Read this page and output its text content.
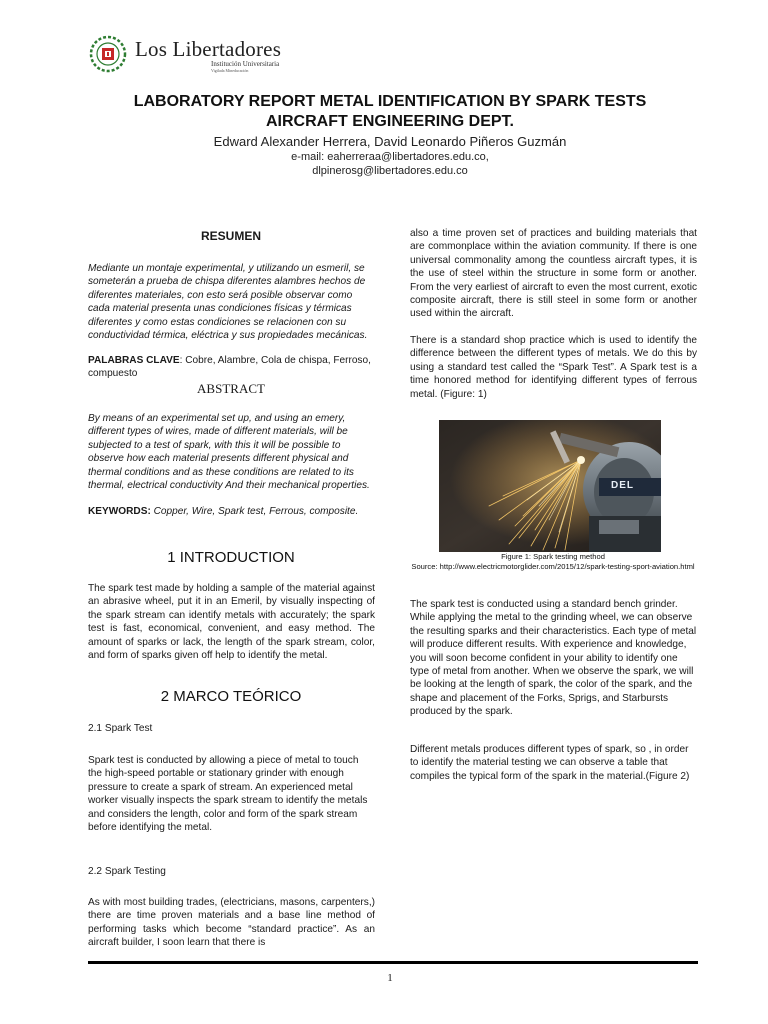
Los Libertadores
Institución Universitaria
Vigilada Mineducación
LABORATORY REPORT METAL IDENTIFICATION BY SPARK TESTS
AIRCRAFT ENGINEERING DEPT.
Edward Alexander Herrera, David Leonardo Piñeros Guzmán
e-mail: eaherreraa@libertadores.edu.co,
dlpinerosg@libertadores.edu.co
RESUMEN
Mediante un montaje experimental, y utilizando un esmeril, se someterán a prueba de chispa diferentes alambres hechos de diferentes materiales, con esto será posible observar como cada material presenta unas condiciones físicas y térmicas diferentes y como estas condiciones se relacionen con su conductividad térmica, eléctrica y sus propiedades mecánicas.
PALABRAS CLAVE: Cobre, Alambre, Cola de chispa, Ferroso, compuesto
ABSTRACT
By means of an experimental set up, and using an emery, different types of wires, made of different materials, will be subjected to a test of spark, with this it will be possible to observe how each material presents different physical and thermal conditions and as these conditions are related to its thermal, electrical conductivity And their mechanical properties.
KEYWORDS: Copper, Wire, Spark test, Ferrous, composite.
1 INTRODUCTION
The spark test made by holding a sample of the material against an abrasive wheel, put it in an Emeril, by visually inspecting of the spark stream can identify metals with accurately; the spark test is fast, economical, convenient, and easy method. The amount of sparks or lack, the length of the spark stream, color, and form of sparks given off help to identify the metal.
2 MARCO TEÓRICO
2.1 Spark Test
Spark test is conducted by allowing a piece of metal to touch the high-speed portable or stationary grinder with enough pressure to create a spark of stream. An experienced metal worker visually inspects the spark stream to identify the metals and considers the length, color and form of the spark stream before identifying the metal.
2.2 Spark Testing
As with most building trades, (electricians, masons, carpenters,) there are time proven materials and a base line method of performing tasks which become “standard practice”. As an aircraft builder, I soon learn that there is
also a time proven set of practices and building materials that are commonplace within the aviation community. If there is one universal commonality among the countless aircraft types, it is the use of steel within the structure in some form or another. From the very earliest of aircraft to even the most current, exotic composite aircraft, there is still steel in some form or another used within the aircraft.
There is a standard shop practice which is used to identify the difference between the different types of metals. We do this by using a standard test called the “Spark Test”. A Spark test is a time honored method for identifying different types of ferrous metal. (Figure: 1)
DEL
Figure 1: Spark testing method
Source: http://www.electricmotorglider.com/2015/12/spark-testing-sport-aviation.html
The spark test is conducted using a standard bench grinder. While applying the metal to the grinding wheel, we can observe the resulting sparks and their characteristics. Each type of metal will produce different results. With experience and knowledge, you will soon become confident in your ability to identify one type of metal from another. When we observe the spark, we will be looking at the length of spark, the color of the spark, and the shape and placement of the Forks, Sprigs, and Starbursts produced by the spark.
Different metals produces different types of spark, so , in order to identify the material testing we can observe a table that compiles the typical form of the spark in the material.(Figure 2)
1
